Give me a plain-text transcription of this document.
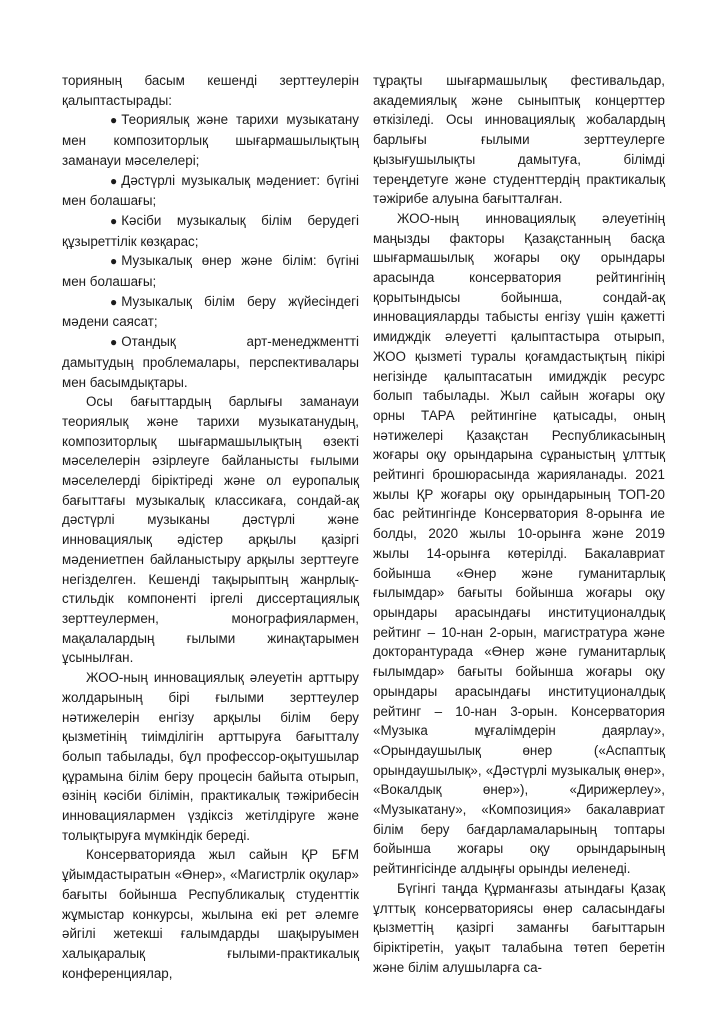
торияның басым кешенді зерттеулерін қалыптастырады:

● Теориялық және тарихи музыкатану мен композиторлық шығармашылықтың заманауи мәселелері;

● Дәстүрлі музыкалық мәдениет: бүгіні мен болашағы;

● Кәсіби музыкалық білім берудегі құзыреттілік көзқарас;

● Музыкалық өнер және білім: бүгіні мен болашағы;

● Музыкалық білім беру жүйесіндегі мәдени саясат;

● Отандық арт-менеджментті дамытудың проблемалары, перспективалары мен басымдықтары.

Осы бағыттардың барлығы заманауи теориялық және тарихи музыкатанудың, композиторлық шығармашылықтың өзекті мәселелерін әзірлеуге байланысты ғылыми мәселелерді біріктіреді және ол еуропалық бағыттағы музыкалық классикаға, сондай-ақ дәстүрлі музыканы дәстүрлі және инновациялық әдістер арқылы қазіргі мәдениетпен байланыстыру арқылы зерттеуге негізделген. Кешенді тақырыптың жанрлық-стильдік компоненті іргелі диссертациялық зерттеулермен, монографиялармен, мақалалардың ғылыми жинақтарымен ұсынылған.

ЖОО-ның инновациялық әлеуетін арттыру жолдарының бірі ғылыми зерттеулер нәтижелерін енгізу арқылы білім беру қызметінің тиімділігін арттыруға бағытталу болып табылады, бұл профессор-оқытушылар құрамына білім беру процесін байыта отырып, өзінің кәсіби білімін, практикалық тәжірибесін инновациялармен үздіксіз жетілдіруге және толықтыруға мүмкіндік береді.

Консерваторияда жыл сайын ҚР БҒМ ұйымдастыратын «Өнер», «Магистрлік оқулар» бағыты бойынша Республикалық студенттік жұмыстар конкурсы, жылына екі рет әлемге әйгілі жетекші ғалымдарды шақыруымен халықаралық ғылыми-практикалық конференциялар,

тұрақты шығармашылық фестивальдар, академиялық және сыныптық концерттер өткізіледі. Осы инновациялық жобалардың барлығы ғылыми зерттеулерге қызығушылықты дамытуға, білімді тереңдетуге және студенттердің практикалық тәжірибе алуына бағытталған.

ЖОО-ның инновациялық әлеуетінің маңызды факторы Қазақстанның басқа шығармашылық жоғары оқу орындары арасында консерватория рейтингінің қорытындысы бойынша, сондай-ақ инновацияларды табысты енгізу үшін қажетті имидждік әлеуетті қалыптастыра отырып, ЖОО қызметі туралы қоғамдастықтың пікірі негізінде қалыптасатын имидждік ресурс болып табылады. Жыл сайын жоғары оқу орны ТАРА рейтингіне қатысады, оның нәтижелері Қазақстан Республикасының жоғары оқу орындарына сұраныстың ұлттық рейтингі брошюрасында жарияланады. 2021 жылы ҚР жоғары оқу орындарының ТОП-20 бас рейтингінде Консерватория 8-орынға ие болды, 2020 жылы 10-орынға және 2019 жылы 14-орынға көтерілді. Бакалавриат бойынша «Өнер және гуманитарлық ғылымдар» бағыты бойынша жоғары оқу орындары арасындағы институционалдық рейтинг – 10-нан 2-орын, магистратура және докторантурада «Өнер және гуманитарлық ғылымдар» бағыты бойынша жоғары оқу орындары арасындағы институционалдық рейтинг – 10-нан 3-орын. Консерватория «Музыка мұғалімдерін даярлау», «Орындаушылық өнер («Аспаптық орындаушылық», «Дәстүрлі музыкалық өнер», «Вокалдық өнер»), «Дирижерлеу», «Музыкатану», «Композиция» бакалавриат білім беру бағдарламаларының топтары бойынша жоғары оқу орындарының рейтингісінде алдыңғы орынды иеленеді.

Бүгінгі таңда Құрманғазы атындағы Қазақ ұлттық консерваториясы өнер саласындағы қызметтің қазіргі заманғы бағыттарын біріктіретін, уақыт талабына төтеп беретін және білім алушыларға са-
